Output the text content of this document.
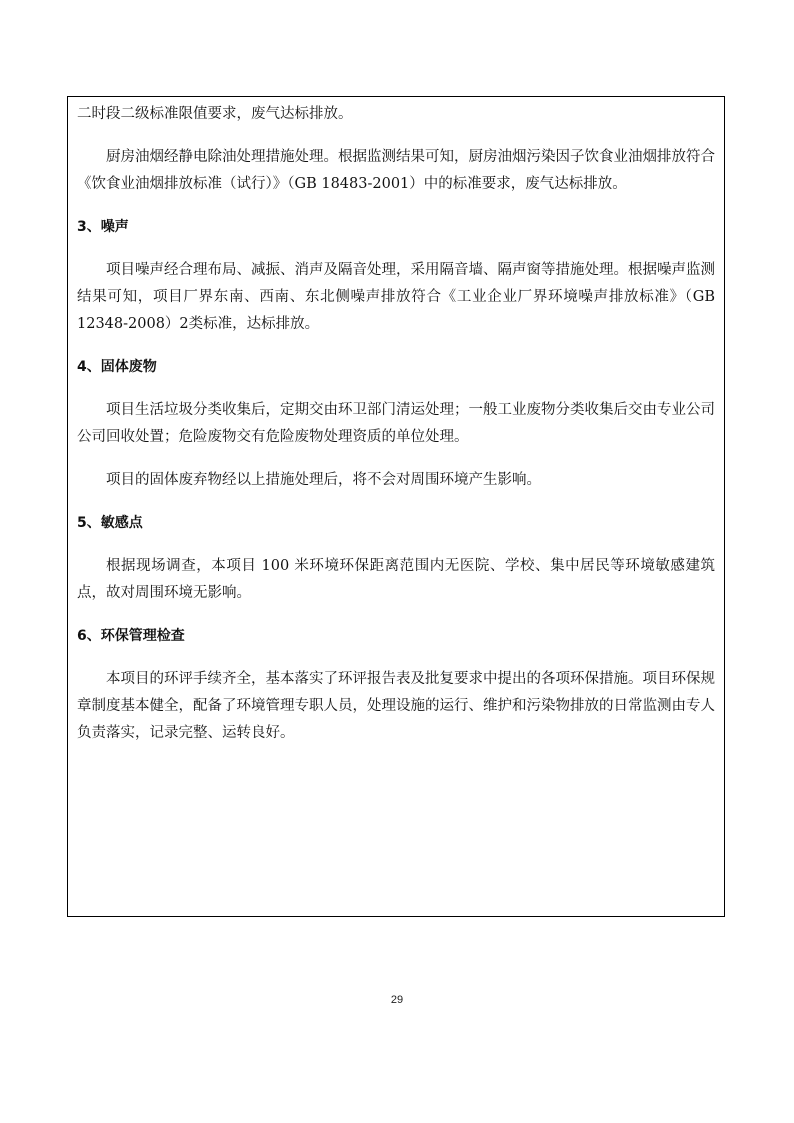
二时段二级标准限值要求，废气达标排放。

厨房油烟经静电除油处理措施处理。根据监测结果可知，厨房油烟污染因子饮食业油烟排放符合《饮食业油烟排放标准（试行）》（GB 18483-2001）中的标准要求，废气达标排放。

3、噪声

项目噪声经合理布局、减振、消声及隔音处理，采用隔音墙、隔声窗等措施处理。根据噪声监测结果可知，项目厂界东南、西南、东北侧噪声排放符合《工业企业厂界环境噪声排放标准》（GB 12348-2008）2类标准，达标排放。

4、固体废物

项目生活垃圾分类收集后，定期交由环卫部门清运处理；一般工业废物分类收集后交由专业公司公司回收处置；危险废物交有危险废物处理资质的单位处理。

项目的固体废弃物经以上措施处理后，将不会对周围环境产生影响。

5、敏感点

根据现场调查，本项目 100 米环境环保距离范围内无医院、学校、集中居民等环境敏感建筑点，故对周围环境无影响。

6、环保管理检查

本项目的环评手续齐全，基本落实了环评报告表及批复要求中提出的各项环保措施。项目环保规章制度基本健全，配备了环境管理专职人员，处理设施的运行、维护和污染物排放的日常监测由专人负责落实，记录完整、运转良好。

29
